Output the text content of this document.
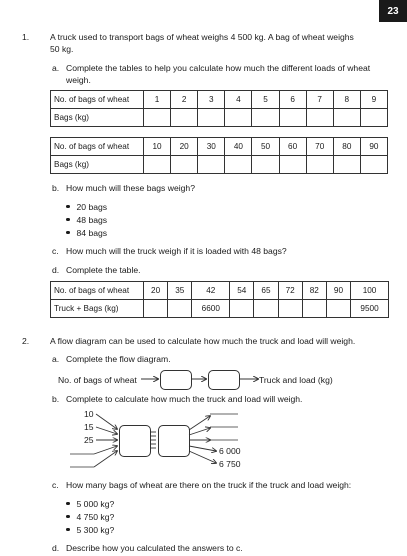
23
1. A truck used to transport bags of wheat weighs 4 500 kg. A bag of wheat weighs
50 kg.
a. Complete the tables to help you calculate how much the different loads of wheat
weigh.
No. of bags of wheat	1	2	3	4	5	6	7	8	9
Bags (kg)									
No. of bags of wheat	10	20	30	40	50	60	70	80	90
Bags (kg)									
b. How much will these bags weigh?
20 bags
48 bags
84 bags
c. How much will the truck weigh if it is loaded with 48 bags?
d. Complete the table.
No. of bags of wheat	20	35	42	54	65	72	82	90	100
Truck + Bags (kg)			6600						9500
2. A flow diagram can be used to calculate how much the truck and load will weigh.
a. Complete the flow diagram.
No. of bags of wheat	Truck and load (kg)
b. Complete to calculate how much the truck and load will weigh.
10
15
25
6 000
6 750
c. How many bags of wheat are there on the truck if the truck and load weigh:
5 000 kg?
4 750 kg?
5 300 kg?
d. Describe how you calculated the answers to c.
